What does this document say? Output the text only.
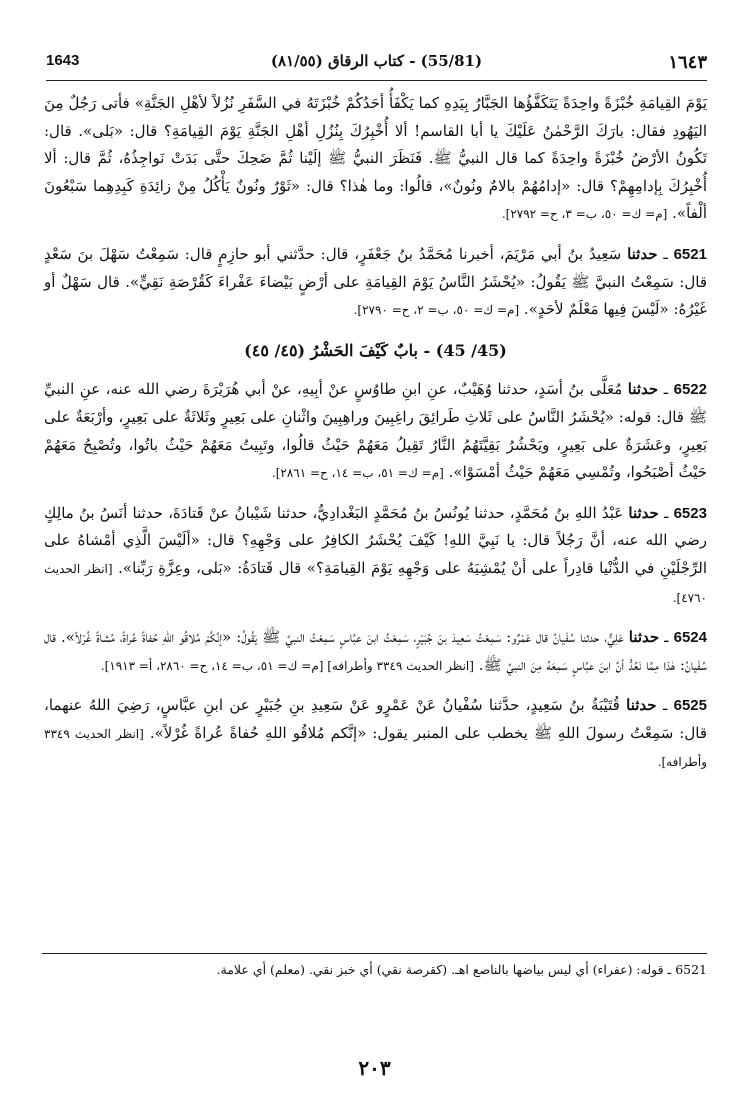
1643	(55/81) - كتاب الرقاق (٨١/٥٥)	١٦٤٣

يَوْمَ القِيامَةِ خُبْزَةً واحِدَةً يَتَكَفَّؤُها الجَبَّارُ بِيَدِهِ كما يَكْفَأُ أحَدُكُمْ خُبْزَتَهُ في السَّفَرِ نُزُلاً لأهْلِ الجَنَّةِ» فأتى رَجُلٌ مِنَ اليَهُودِ فقال: بارَكَ الرَّحْمٰنُ عَلَيْكَ يا أبا القاسم! ألا أُخْبِرُكَ بِنُزُلِ أهْلِ الجَنَّةِ يَوْمَ القِيامَةِ؟ قال: «بَلى». قال: تَكُونُ الأرْضُ خُبْزَةً واحِدَةً كما قال النبيُّ ﷺ. فَنَظَرَ النبيُّ ﷺ إلَيْنا ثُمَّ ضَحِكَ حتَّى بَدَتْ نَواجِذُهُ، ثُمَّ قال: ألا أُخْبِرُكَ بِإدامِهِمْ؟ قال: «إدامُهُمْ بالامٌ ونُونٌ»، قالُوا: وما هٰذا؟ قال: «ثَوْرٌ ونُونٌ يَأْكُلُ مِنْ زائِدَةِ كَبِدِهِما سَبْعُونَ ألْفاً». [م= ك= ٥٠، ب= ٣، ح= ٢٧٩٢].

6521 ـ حدثنا سَعِيدُ بنُ أبي مَرْيَمَ، أخبرنا مُحَمَّدُ بنُ جَعْفَرٍ، قال: حدَّثني أبو حازِمٍ قال: سَمِعْتُ سَهْلَ بنَ سَعْدٍ قال: سَمِعْتُ النبيَّ ﷺ يَقُولُ: «يُحْشَرُ النَّاسُ يَوْمَ القِيامَةِ على أرْضٍ بَيْضاءَ عَفْراءَ كَقُرْصَةِ نَقِيٍّ». قال سَهْلٌ أو غَيْرُهُ: «لَيْسَ فِيها مَعْلَمٌ لأحَدٍ». [م= ك= ٥٠، ب= ٢، ح= ٢٧٩٠].

(45/ 45) - بابٌ كَيْفَ الحَشْرُ (٤٥/ ٤٥)

6522 ـ حدثنا مُعَلَّى بنُ أسَدٍ، حدثنا وُهَيْبٌ، عنِ ابنِ طاوُسٍ عنْ أبِيهِ، عنْ أبي هُرَيْرَةَ رضي الله عنه، عنِ النبيِّ ﷺ قال: قوله: «يُحْشَرُ النَّاسُ على ثَلاثِ طَرائِقَ راغِبِينَ وراهِبِينَ واثْنانِ على بَعِيرٍ وثَلاثَةٌ على بَعِيرٍ، وأرْبَعَةٌ على بَعِيرٍ، وعَشَرَةٌ على بَعِيرٍ، ويَحْشُرُ بَقِيَّتَهُمُ النَّارُ تَقِيلُ مَعَهُمْ حَيْثُ قالُوا، وتَبِيتُ مَعَهُمْ حَيْثُ باتُوا، وتُصْبِحُ مَعَهُمْ حَيْثُ أصْبَحُوا، وتُمْسِي مَعَهُمْ حَيْثُ أمْسَوْا». [م= ك= ٥١، ب= ١٤، ح= ٢٨٦١].

6523 ـ حدثنا عَبْدُ اللهِ بنُ مُحَمَّدٍ، حدثنا يُونُسُ بنُ مُحَمَّدٍ البَغْدادِيُّ، حدثنا شَيْبانُ عنْ قَتادَةَ، حدثنا أنَسُ بنُ مالِكٍ رضي الله عنه، أنَّ رَجُلاً قال: يا نَبِيَّ اللهِ! كَيْفَ يُحْشَرُ الكافِرُ على وَجْهِهِ؟ قال: «ألَيْسَ الَّذِي أمْشاهُ على الرِّجْلَيْنِ في الدُّنْيا قادِراً على أنْ يُمْشِيَهُ على وَجْهِهِ يَوْمَ القِيامَةِ؟» قال قَتادَةُ: «بَلى، وعِزَّةِ رَبِّنا». [انظر الحديث ٤٧٦٠].

6524 ـ حدثنا عَلِيٌّ، حدثنا سُفْيانُ قال عَمْرٌو: سَمِعْتُ سَعِيدَ بنَ جُبَيْرٍ، سَمِعْتُ ابنَ عبَّاسٍ سَمِعْتُ النبيَّ ﷺ يَقُولُ: «إنَّكُمْ مُلاقُو اللهِ حُفاةً عُراةً، مُشاةً غُرْلاً». قال سُفْيانُ: هٰذا مِمَّا نَعُدُّ أنَّ ابنَ عبَّاسٍ سَمِعَهُ مِنَ النبيِّ ﷺ. [انظر الحديث ٣٣٤٩ وأطرافه] [م= ك= ٥١، ب= ١٤، ح= ٢٨٦٠، أ= ١٩١٣].

6525 ـ حدثنا قُتَيْبَةُ بنُ سَعِيدٍ، حدَّثنا سُفْيانُ عَنْ عَمْرٍو عَنْ سَعِيدِ بنِ جُبَيْرٍ عن ابنِ عبَّاسٍ، رَضِيَ اللهُ عنهما، قال: سَمِعْتُ رسولَ اللهِ ﷺ يخطب على المنبر يقول: «إنَّكم مُلاقُو اللهِ حُفاةً عُراةً غُرْلاً». [انظر الحديث ٣٣٤٩ وأطرافه].

6521 ـ قوله: (عفراء) أي ليس بياضها بالناصع اهـ. (كقرصة نقي) أي خبز نقي. (معلم) أي علامة.
٢٠٣
